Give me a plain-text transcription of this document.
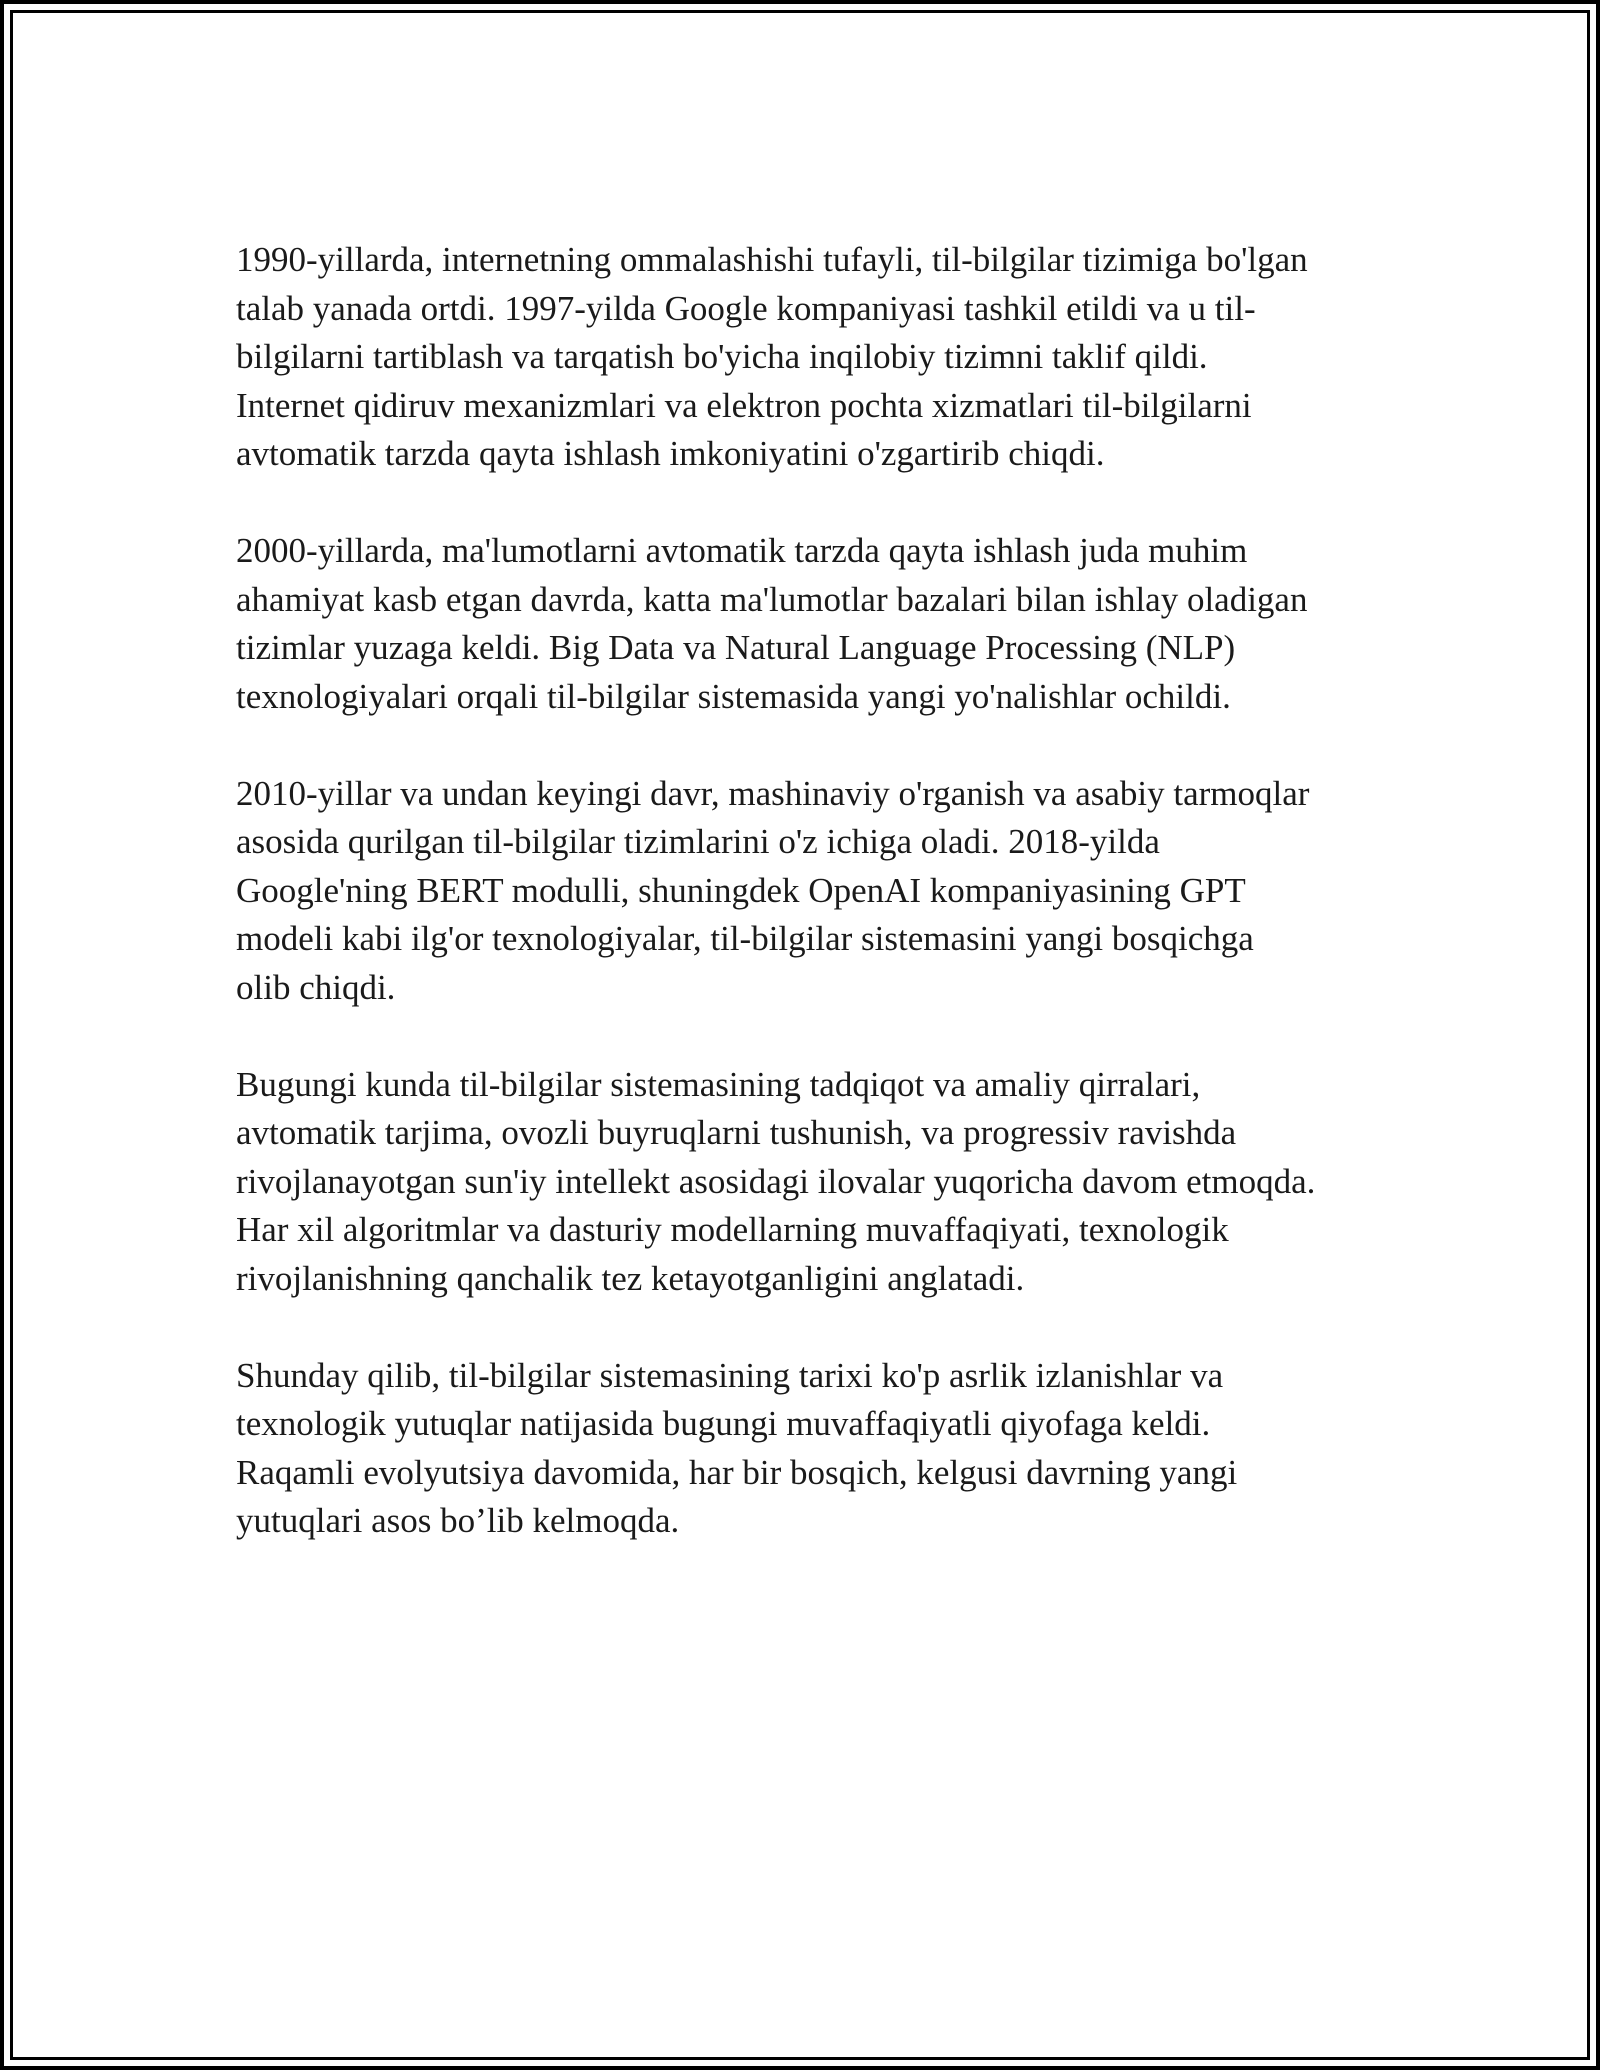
1990-yillarda, internetning ommalashishi tufayli, til-bilgilar tizimiga bo'lgan
talab yanada ortdi. 1997-yilda Google kompaniyasi tashkil etildi va u til-
bilgilarni tartiblash va tarqatish bo'yicha inqilobiy tizimni taklif qildi.
Internet qidiruv mexanizmlari va elektron pochta xizmatlari til-bilgilarni
avtomatik tarzda qayta ishlash imkoniyatini o'zgartirib chiqdi.

2000-yillarda, ma'lumotlarni avtomatik tarzda qayta ishlash juda muhim
ahamiyat kasb etgan davrda, katta ma'lumotlar bazalari bilan ishlay oladigan
tizimlar yuzaga keldi. Big Data va Natural Language Processing (NLP)
texnologiyalari orqali til-bilgilar sistemasida yangi yo'nalishlar ochildi.

2010-yillar va undan keyingi davr, mashinaviy o'rganish va asabiy tarmoqlar
asosida qurilgan til-bilgilar tizimlarini o'z ichiga oladi. 2018-yilda
Google'ning BERT modulli, shuningdek OpenAI kompaniyasining GPT
modeli kabi ilg'or texnologiyalar, til-bilgilar sistemasini yangi bosqichga
olib chiqdi.

Bugungi kunda til-bilgilar sistemasining tadqiqot va amaliy qirralari,
avtomatik tarjima, ovozli buyruqlarni tushunish, va progressiv ravishda
rivojlanayotgan sun'iy intellekt asosidagi ilovalar yuqoricha davom etmoqda.
Har xil algoritmlar va dasturiy modellarning muvaffaqiyati, texnologik
rivojlanishning qanchalik tez ketayotganligini anglatadi.

Shunday qilib, til-bilgilar sistemasining tarixi ko'p asrlik izlanishlar va
texnologik yutuqlar natijasida bugungi muvaffaqiyatli qiyofaga keldi.
Raqamli evolyutsiya davomida, har bir bosqich, kelgusi davrning yangi
yutuqlari asos bo’lib kelmoqda.
